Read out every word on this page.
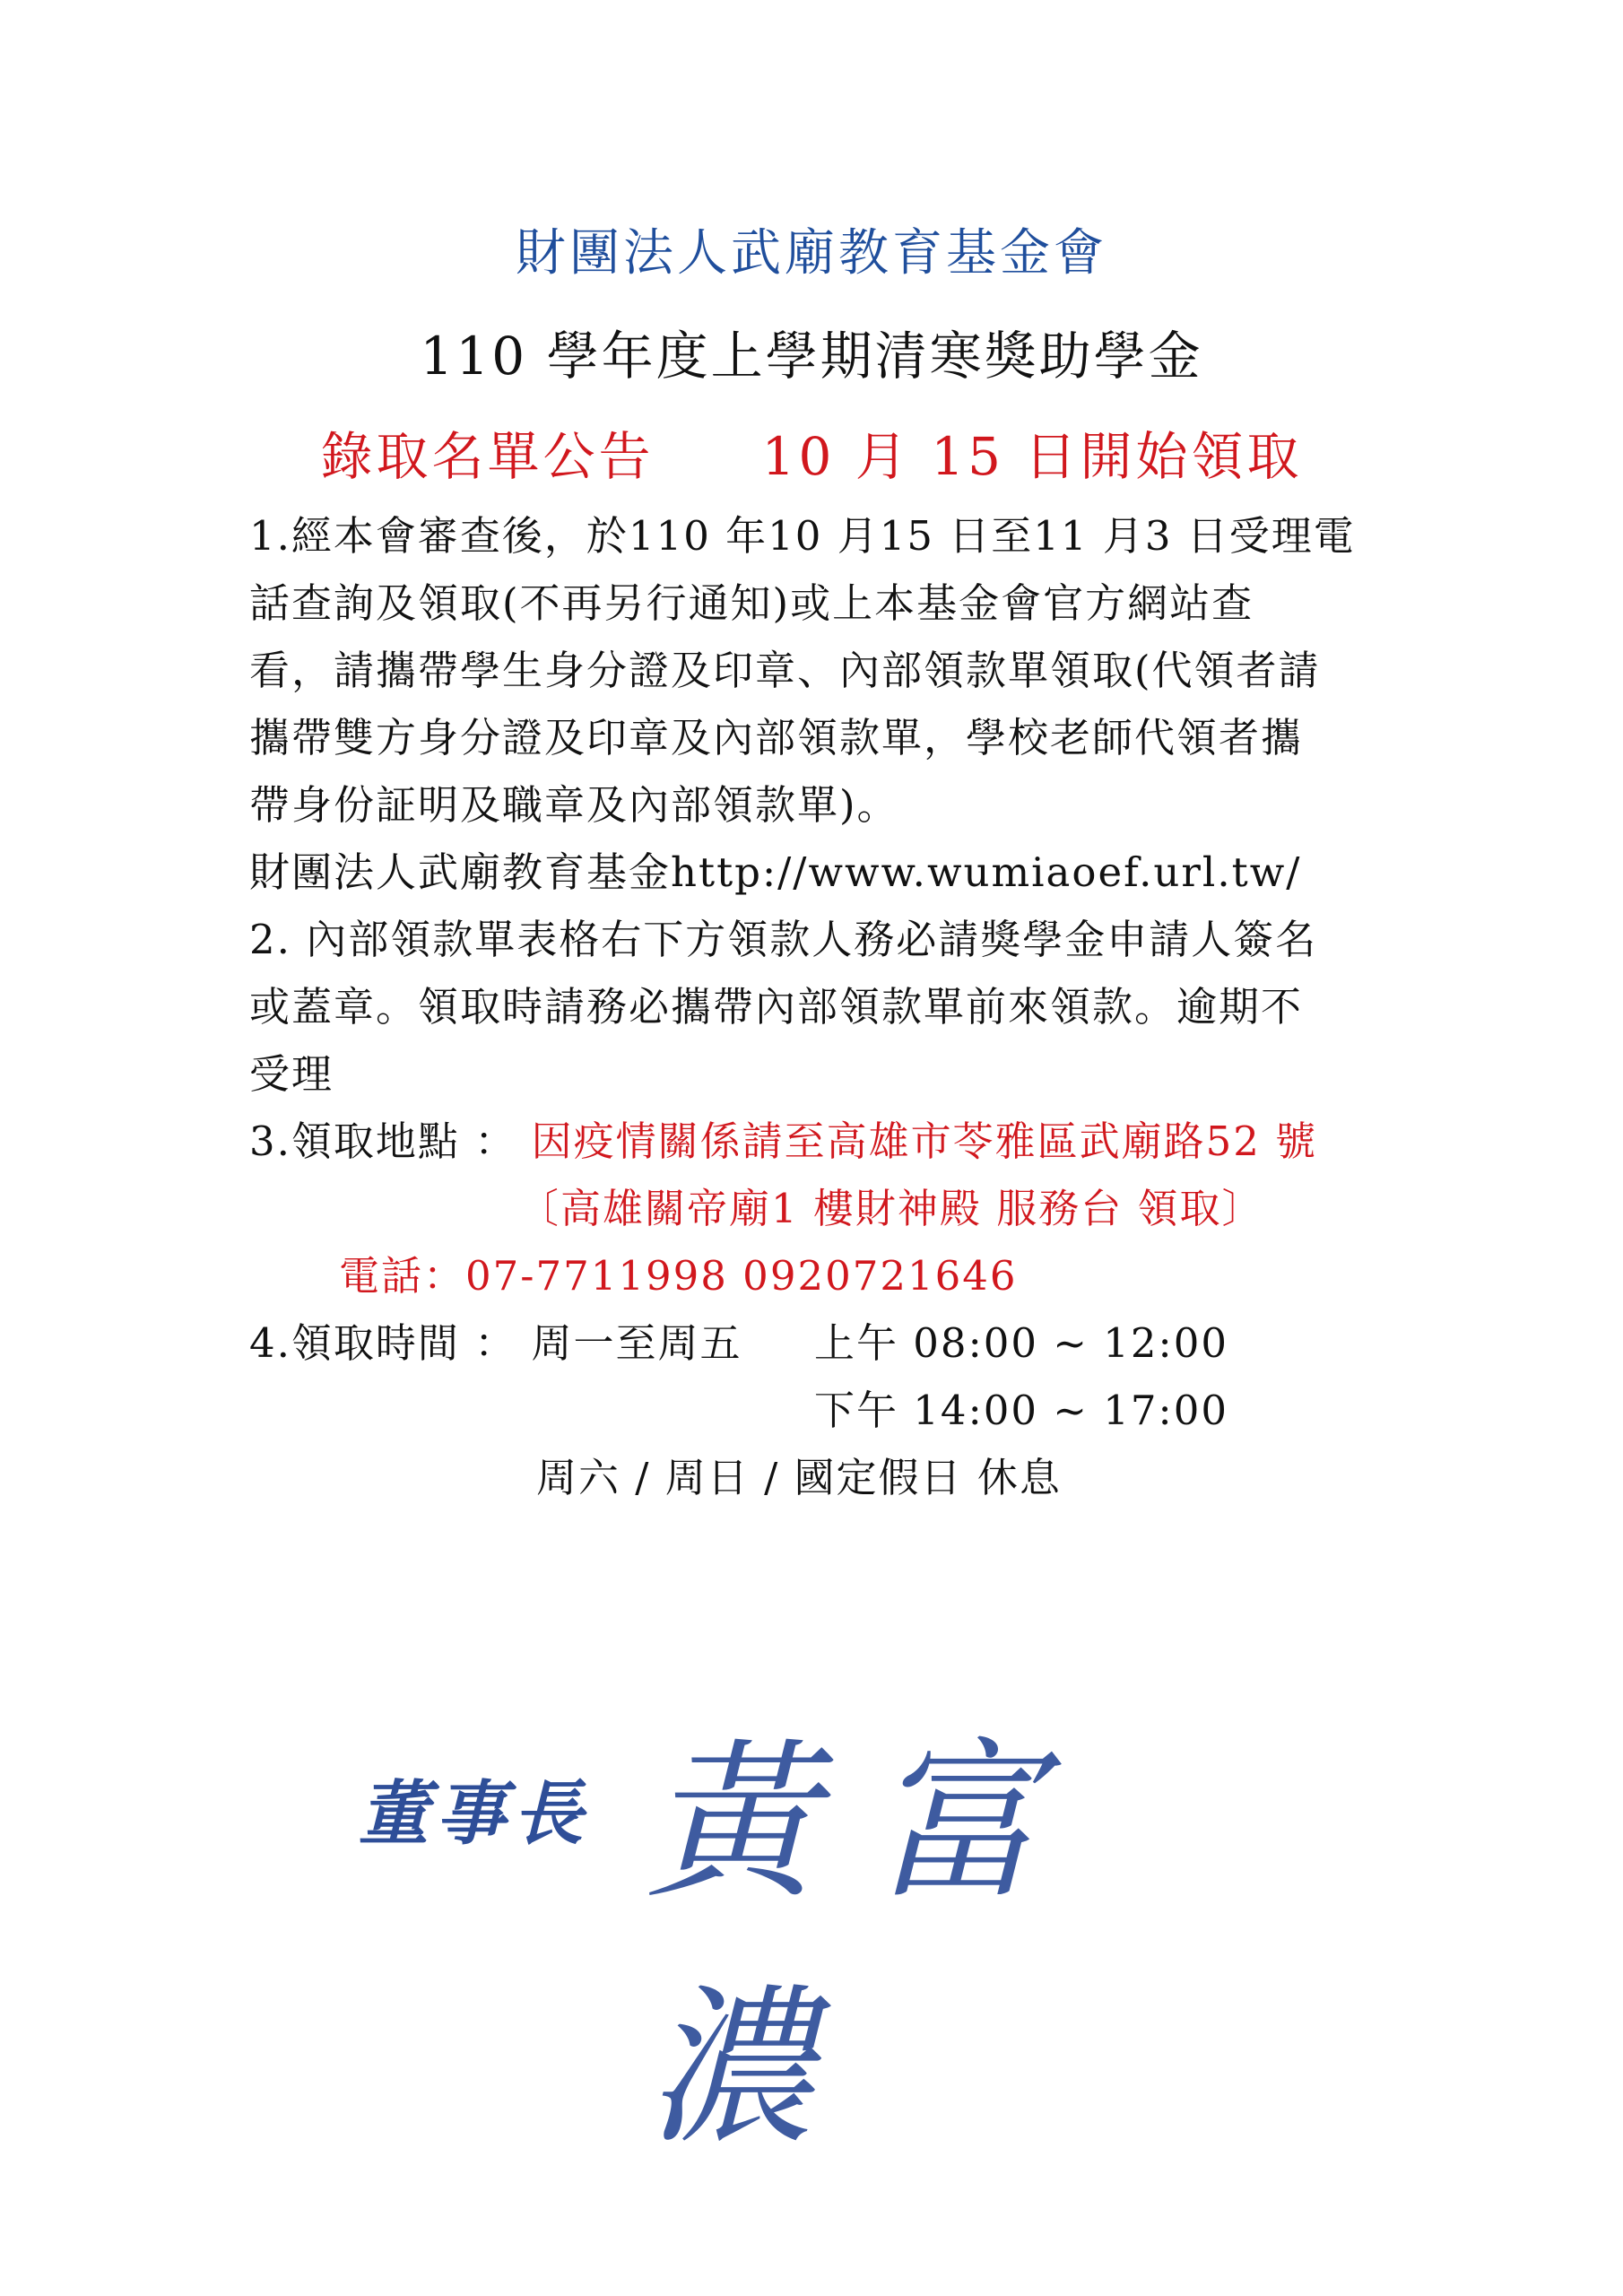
財團法人武廟教育基金會
110 學年度上學期清寒獎助學金
錄取名單公告 10 月 15 日開始領取
1.經本會審查後，於110 年10 月15 日至11 月3 日受理電
話查詢及領取(不再另行通知)或上本基金會官方網站查
看，請攜帶學生身分證及印章、內部領款單領取(代領者請
攜帶雙方身分證及印章及內部領款單，學校老師代領者攜
帶身份証明及職章及內部領款單)。
財團法人武廟教育基金http://www.wumiaoef.url.tw/
2. 內部領款單表格右下方領款人務必請獎學金申請人簽名
或蓋章。領取時請務必攜帶內部領款單前來領款。逾期不
受理
3.領取地點 ： 因疫情關係請至高雄市苓雅區武廟路52 號
〔高雄關帝廟1 樓財神殿 服務台 領取〕
電話：07-7711998 0920721646
4.領取時間 ： 周一至周五	上午 08:00 ~ 12:00
下午 14:00 ~ 17:00
周六 / 周日 / 國定假日 休息
董事長 黃富濃
